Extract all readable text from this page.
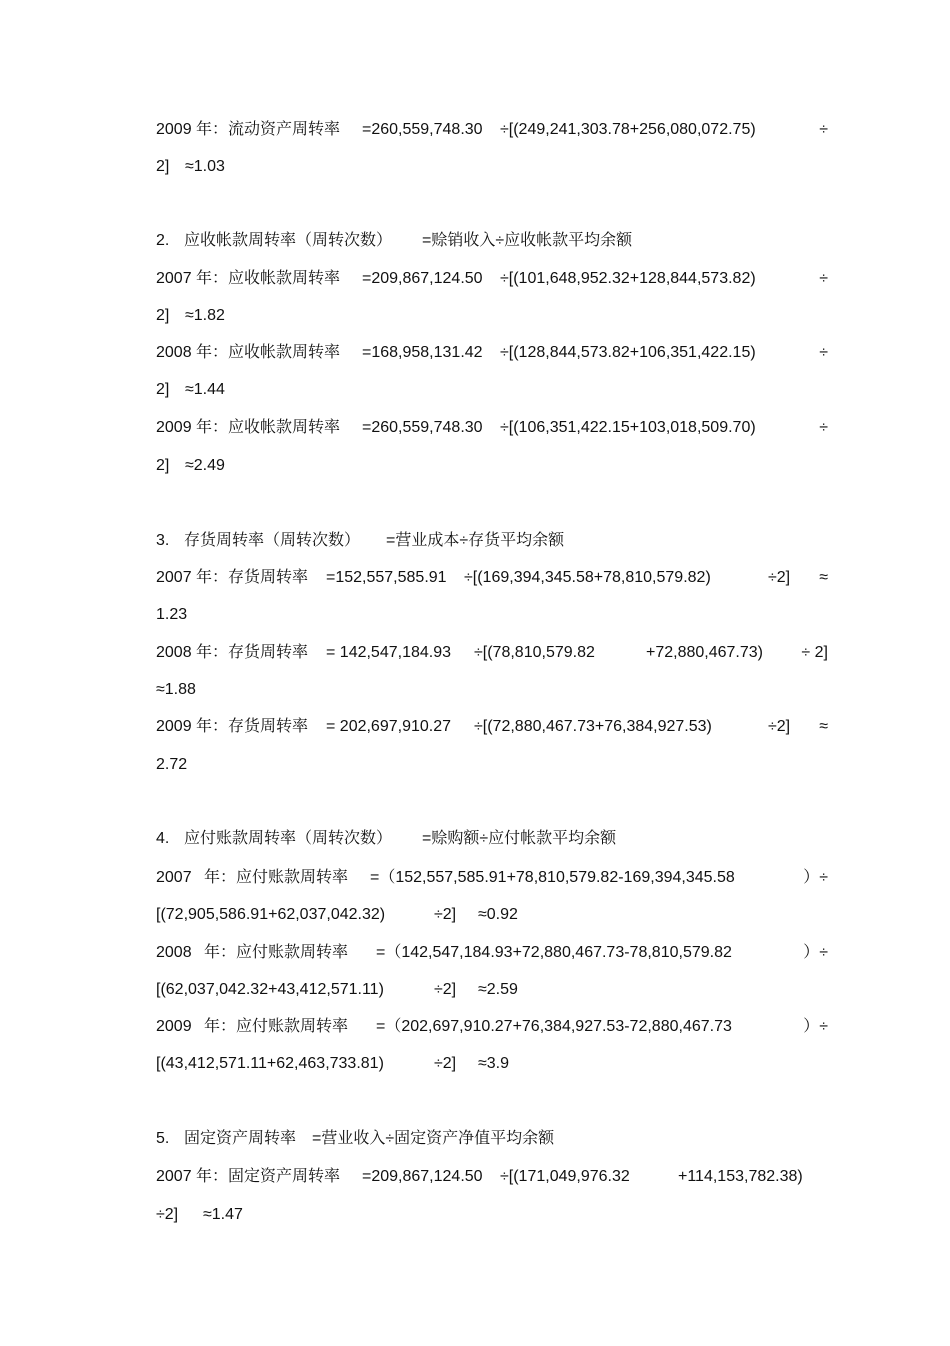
2009 年：流动资产周转率 =260,559,748.30 ÷[(249,241,303.78+256,080,072.75)	÷
2] ≈1.03
2. 应收帐款周转率（周转次数） =赊销收入÷应收帐款平均余额
2007 年：应收帐款周转率 =209,867,124.50 ÷[(101,648,952.32+128,844,573.82)	÷
2] ≈1.82
2008 年：应收帐款周转率 =168,958,131.42 ÷[(128,844,573.82+106,351,422.15)	÷
2] ≈1.44
2009 年：应收帐款周转率 =260,559,748.30 ÷[(106,351,422.15+103,018,509.70)	÷
2] ≈2.49
3. 存货周转率（周转次数） =营业成本÷存货平均余额
2007 年：存货周转率 =152,557,585.91 ÷[(169,394,345.58+78,810,579.82)	÷2] ≈
1.23
2008 年：存货周转率 = 142,547,184.93 ÷[(78,810,579.82	+72,880,467.73) ÷ 2]
≈1.88
2009 年：存货周转率 = 202,697,910.27 ÷[(72,880,467.73+76,384,927.53)	÷2] ≈
2.72
4. 应付账款周转率（周转次数） =赊购额÷应付帐款平均余额
2007 年：应付账款周转率 =（152,557,585.91+78,810,579.82-169,394,345.58	）÷
[(72,905,586.91+62,037,042.32)	÷2] ≈0.92
2008 年：应付账款周转率 =（142,547,184.93+72,880,467.73-78,810,579.82	）÷
[(62,037,042.32+43,412,571.11)	÷2] ≈2.59
2009 年：应付账款周转率 =（202,697,910.27+76,384,927.53-72,880,467.73	）÷
[(43,412,571.11+62,463,733.81)	÷2] ≈3.9
5. 固定资产周转率 =营业收入÷固定资产净值平均余额
2007 年：固定资产周转率 =209,867,124.50 ÷[(171,049,976.32	+114,153,782.38)
÷2] ≈1.47
